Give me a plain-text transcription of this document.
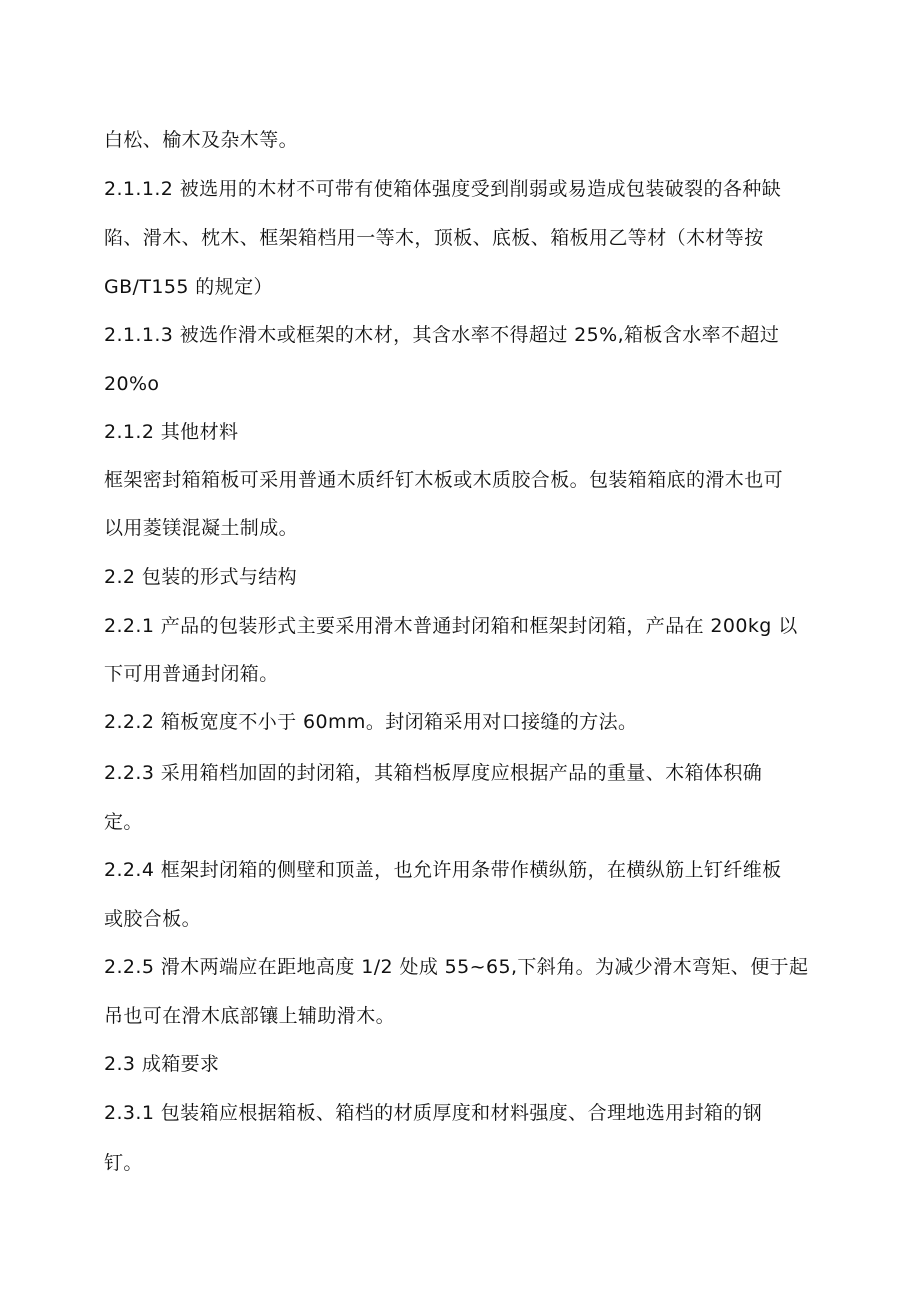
白松、榆木及杂木等。
2.1.1.2 被选用的木材不可带有使箱体强度受到削弱或易造成包装破裂的各种缺
陷、滑木、枕木、框架箱档用一等木，顶板、底板、箱板用乙等材（木材等按
GB/T155 的规定）
2.1.1.3 被选作滑木或框架的木材，其含水率不得超过 25%,箱板含水率不超过
20%o
2.1.2 其他材料
框架密封箱箱板可采用普通木质纤钉木板或木质胶合板。包装箱箱底的滑木也可
以用菱镁混凝土制成。
2.2 包装的形式与结构
2.2.1 产品的包装形式主要采用滑木普通封闭箱和框架封闭箱，产品在 200kg 以
下可用普通封闭箱。
2.2.2 箱板宽度不小于 60mm。封闭箱采用对口接缝的方法。
2.2.3 采用箱档加固的封闭箱，其箱档板厚度应根据产品的重量、木箱体积确
定。
2.2.4 框架封闭箱的侧壁和顶盖，也允许用条带作横纵筋，在横纵筋上钉纤维板
或胶合板。
2.2.5 滑木两端应在距地高度 1/2 处成 55~65,下斜角。为减少滑木弯矩、便于起
吊也可在滑木底部镶上辅助滑木。
2.3 成箱要求
2.3.1 包装箱应根据箱板、箱档的材质厚度和材料强度、合理地选用封箱的钢
钉。
